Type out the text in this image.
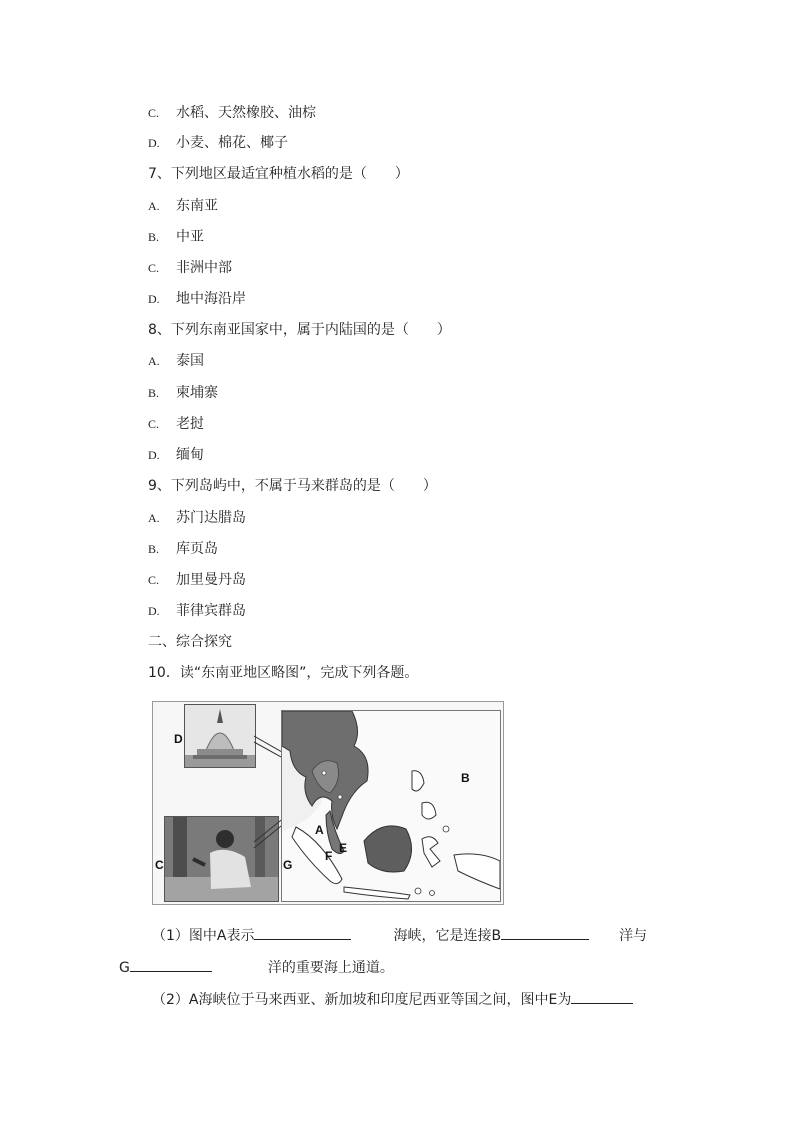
C. 水稻、天然橡胶、油棕
D. 小麦、棉花、椰子
7、下列地区最适宜种植水稻的是（　　）
A. 东南亚
B. 中亚
C. 非洲中部
D. 地中海沿岸
8、下列东南亚国家中，属于内陆国的是（　　）
A. 泰国
B. 柬埔寨
C. 老挝
D. 缅甸
9、下列岛屿中，不属于马来群岛的是（　　）
A. 苏门达腊岛
B. 库页岛
C. 加里曼丹岛
D. 菲律宾群岛
二、综合探究
10．读“东南亚地区略图”，完成下列各题。
D
C
B
A
E
F
G
（1）图中A表示	海峡，它是连接B	洋与
G	洋的重要海上通道。
（2）A海峡位于马来西亚、新加坡和印度尼西亚等国之间，图中E为
